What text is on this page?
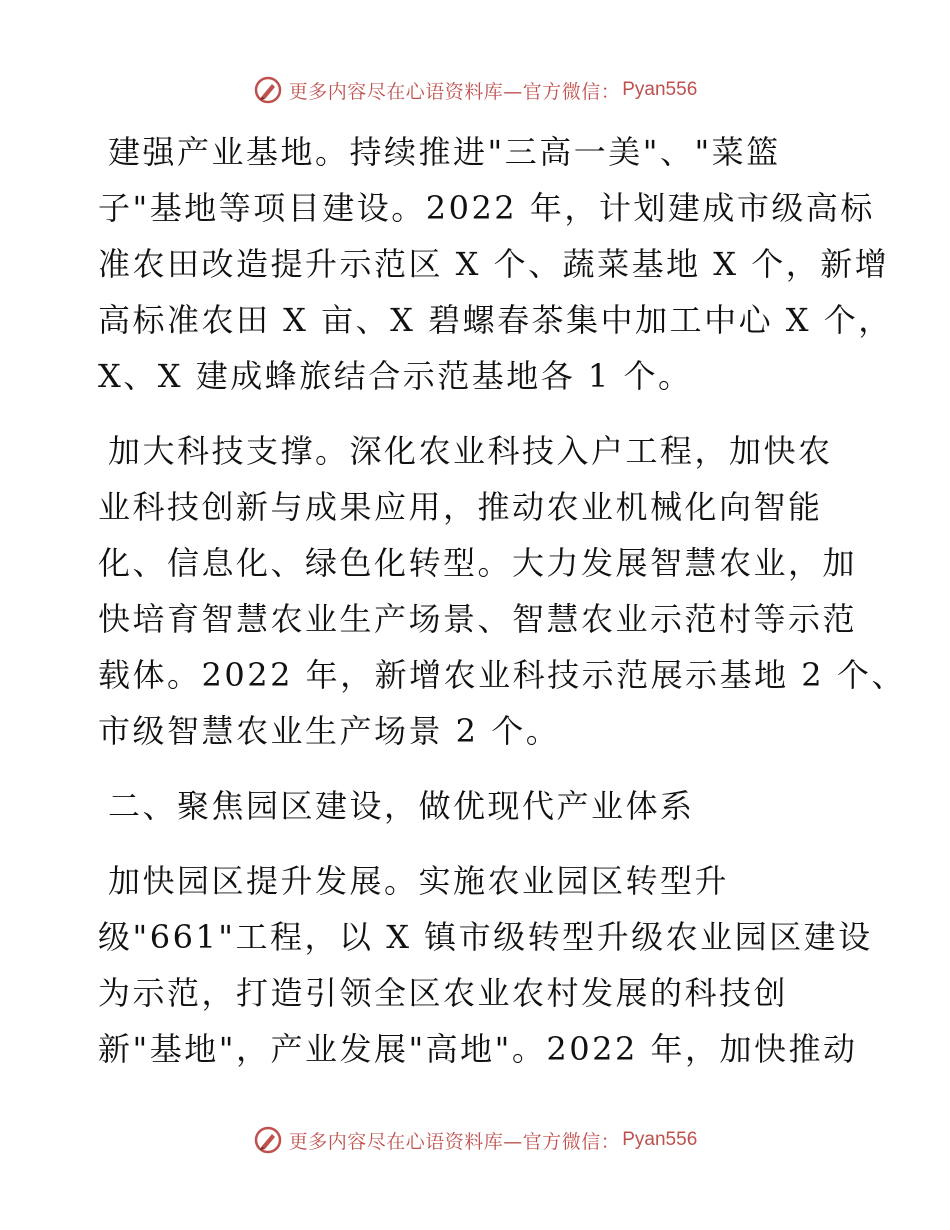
更多内容尽在心语资料库—官方微信： Pyan556

建强产业基地。持续推进"三高一美"、"菜篮
子"基地等项目建设。2022 年，计划建成市级高标
准农田改造提升示范区 X 个、蔬菜基地 X 个，新增
高标准农田 X 亩、X 碧螺春茶集中加工中心 X 个，
X、X 建成蜂旅结合示范基地各 1 个。

加大科技支撑。深化农业科技入户工程，加快农
业科技创新与成果应用，推动农业机械化向智能
化、信息化、绿色化转型。大力发展智慧农业，加
快培育智慧农业生产场景、智慧农业示范村等示范
载体。2022 年，新增农业科技示范展示基地 2 个、
市级智慧农业生产场景 2 个。

二、聚焦园区建设，做优现代产业体系

加快园区提升发展。实施农业园区转型升
级"661"工程，以 X 镇市级转型升级农业园区建设
为示范，打造引领全区农业农村发展的科技创
新"基地"，产业发展"高地"。2022 年，加快推动

更多内容尽在心语资料库—官方微信： Pyan556
